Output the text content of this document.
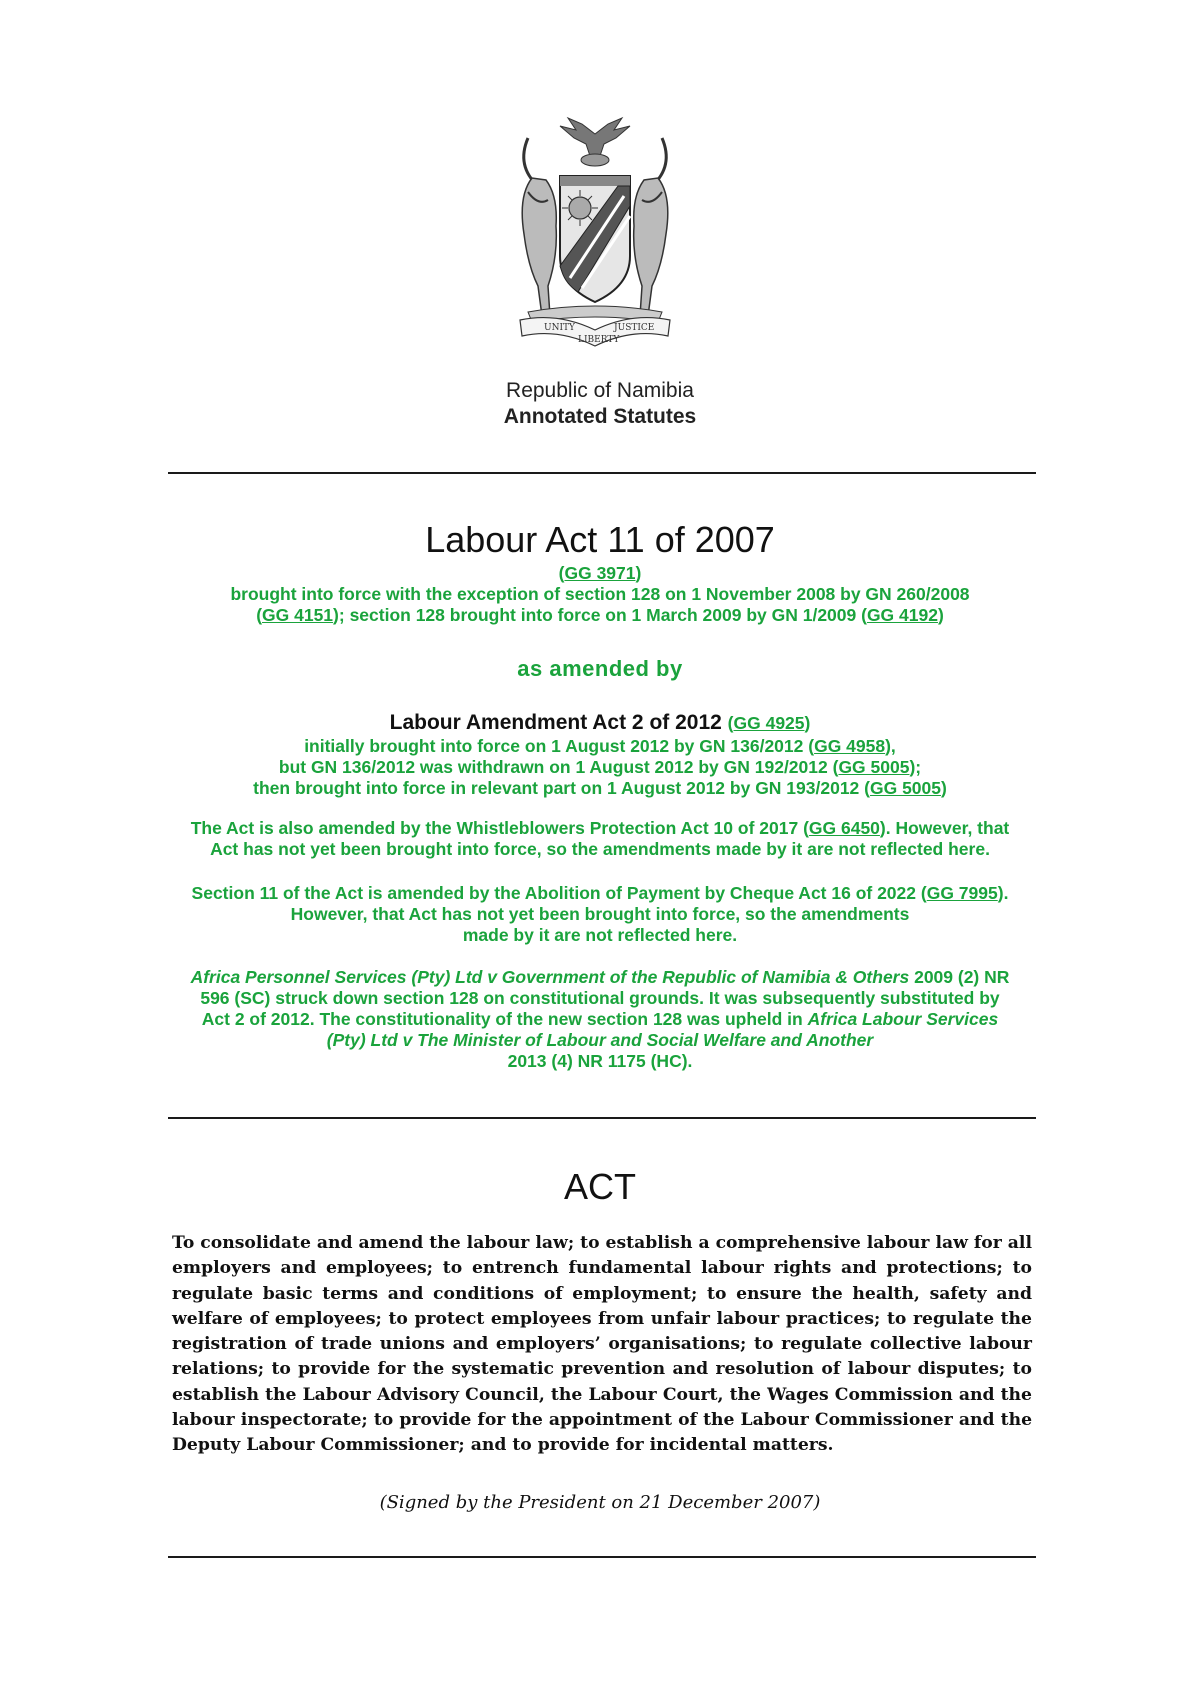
UNITY
LIBERTY
JUSTICE
Republic of Namibia
Annotated Statutes
Labour Act 11 of 2007
(GG 3971)
brought into force with the exception of section 128 on 1 November 2008 by GN 260/2008
(GG 4151); section 128 brought into force on 1 March 2009 by GN 1/2009 (GG 4192)
as amended by
Labour Amendment Act 2 of 2012 (GG 4925)
initially brought into force on 1 August 2012 by GN 136/2012 (GG 4958),
but GN 136/2012 was withdrawn on 1 August 2012 by GN 192/2012 (GG 5005);
then brought into force in relevant part on 1 August 2012 by GN 193/2012 (GG 5005)
The Act is also amended by the Whistleblowers Protection Act 10 of 2017 (GG 6450). However, that
Act has not yet been brought into force, so the amendments made by it are not reflected here.
Section 11 of the Act is amended by the Abolition of Payment by Cheque Act 16 of 2022 (GG 7995).
However, that Act has not yet been brought into force, so the amendments
made by it are not reflected here.
Africa Personnel Services (Pty) Ltd v Government of the Republic of Namibia & Others 2009 (2) NR
596 (SC) struck down section 128 on constitutional grounds. It was subsequently substituted by
Act 2 of 2012. The constitutionality of the new section 128 was upheld in Africa Labour Services
(Pty) Ltd v The Minister of Labour and Social Welfare and Another
2013 (4) NR 1175 (HC).
ACT
To consolidate and amend the labour law; to establish a comprehensive labour law for all employers and employees; to entrench fundamental labour rights and protections; to regulate basic terms and conditions of employment; to ensure the health, safety and welfare of employees; to protect employees from unfair labour practices; to regulate the registration of trade unions and employers’ organisations; to regulate collective labour relations; to provide for the systematic prevention and resolution of labour disputes; to establish the Labour Advisory Council, the Labour Court, the Wages Commission and the labour inspectorate; to provide for the appointment of the Labour Commissioner and the Deputy Labour Commissioner; and to provide for incidental matters.
(Signed by the President on 21 December 2007)
